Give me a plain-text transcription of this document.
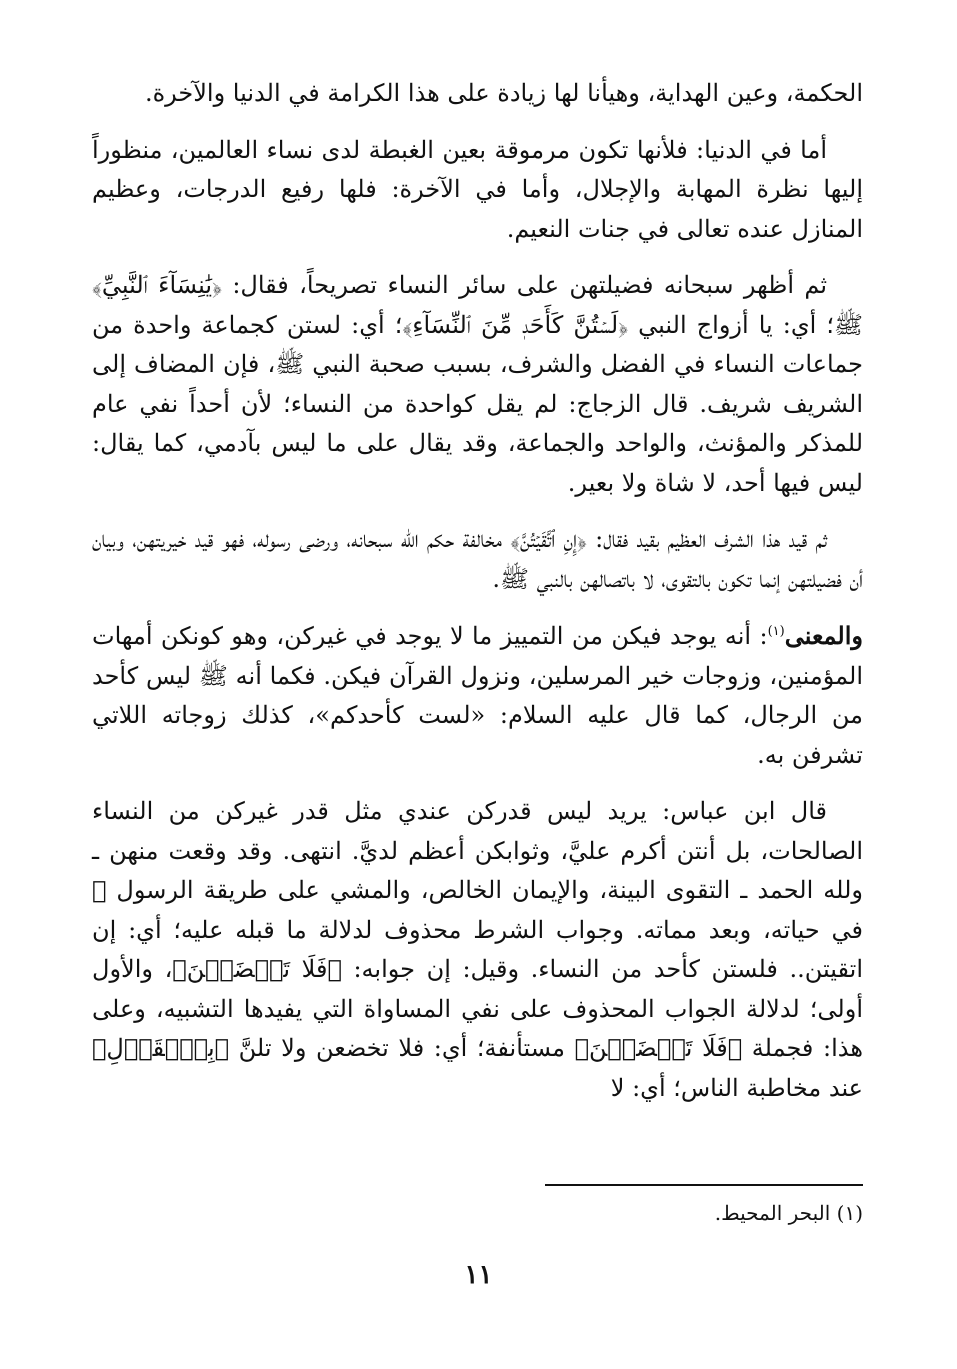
الحكمة، وعين الهداية، وهيأنا لها زيادة على هذا الكرامة في الدنيا والآخرة.

أما في الدنيا: فلأنها تكون مرموقة بعين الغبطة لدى نساء العالمين، منظوراً إليها نظرة المهابة والإجلال، وأما في الآخرة: فلها رفيع الدرجات، وعظيم المنازل عنده تعالى في جنات النعيم.

ثم أظهر سبحانه فضيلتهن على سائر النساء تصريحاً، فقال: ﴿يَٰنِسَآءَ ٱلنَّبِيِّ﴾ ﷺ؛ أي: يا أزواج النبي ﴿لَسۡتُنَّ كَأَحَدٖ مِّنَ ٱلنِّسَآءِ﴾؛ أي: لستن كجماعة واحدة من جماعات النساء في الفضل والشرف، بسبب صحبة النبي ﷺ، فإن المضاف إلى الشريف شريف. قال الزجاج: لم يقل كواحدة من النساء؛ لأن أحداً نفي عام للمذكر والمؤنث، والواحد والجماعة، وقد يقال على ما ليس بآدمي، كما يقال: ليس فيها أحد، لا شاة ولا بعير.

ثم قيد هذا الشرف العظيم بقيد فقال: ﴿إِنِ ٱتَّقَيۡتُنَّ﴾ مخالفة حكم الله سبحانه، ورضى رسوله، فهو قيد خيريتهن، وبيان أن فضيلتهن إنما تكون بالتقوى، لا باتصالهن بالنبي ﷺ.

والمعنى$^{(١)}$: أنه يوجد فيكن من التمييز ما لا يوجد في غيركن، وهو كونكن أمهات المؤمنين، وزوجات خير المرسلين، ونزول القرآن فيكن. فكما أنه ﷺ ليس كأحد من الرجال، كما قال عليه السلام: «لست كأحدكم»، كذلك زوجاته اللاتي تشرفن به.

قال ابن عباس: يريد ليس قدركن عندي مثل قدر غيركن من النساء الصالحات، بل أنتن أكرم عليَّ، وثوابكن أعظم لديَّ. انتهى. وقد وقعت منهن ـ ولله الحمد ـ التقوى البينة، والإيمان الخالص، والمشي على طريقة الرسول ﷺ في حياته، وبعد مماته. وجواب الشرط محذوف لدلالة ما قبله عليه؛ أي: إن اتقيتن.. فلستن كأحد من النساء. وقيل: إن جوابه: ﴿فَلَا تَخۡضَعۡنَ﴾، والأول أولى؛ لدلالة الجواب المحذوف على نفي المساواة التي يفيدها التشبيه، وعلى هذا: فجملة ﴿فَلَا تَخۡضَعۡنَ﴾ مستأنفة؛ أي: فلا تخضعن ولا تلنَّ ﴿بِٱلۡقَوۡلِ﴾ عند مخاطبة الناس؛ أي: لا

(١) البحر المحيط.
١١
